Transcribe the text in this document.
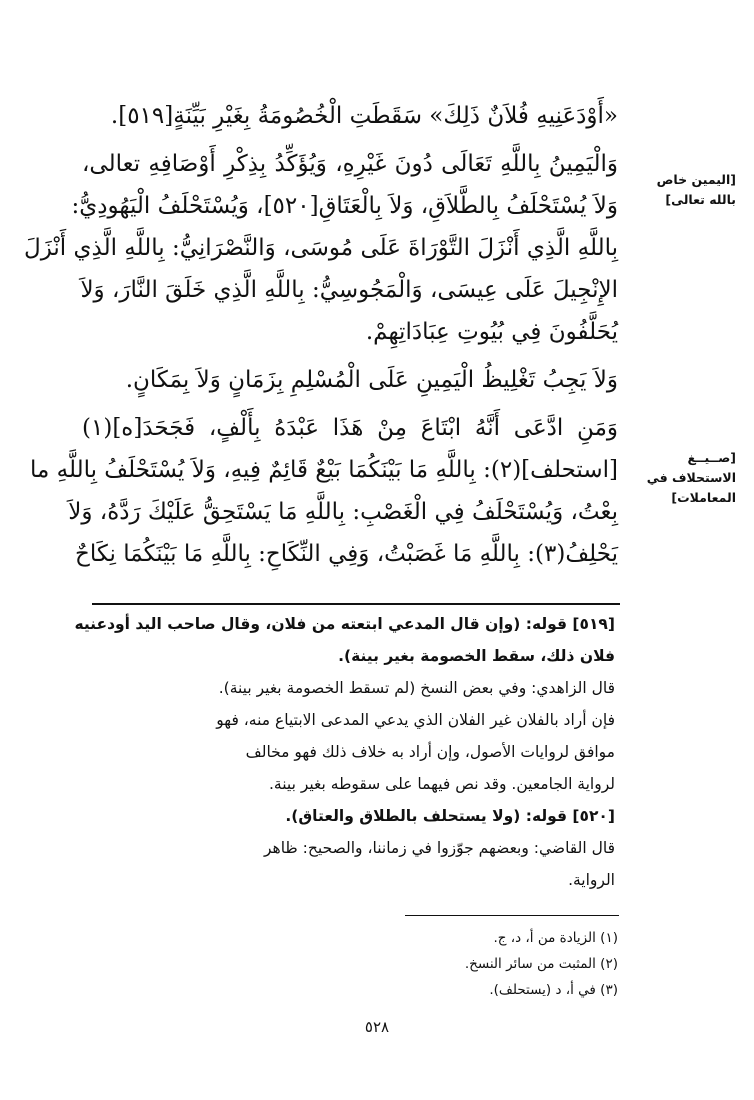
«أَوْدَعَنِيهِ فُلاَنٌ ذَلِكَ» سَقَطَتِ الْخُصُومَةُ بِغَيْرِ بَيِّنَةٍ[٥١٩].
وَالْيَمِينُ بِاللَّهِ تَعَالَى دُونَ غَيْرِهِ، وَيُؤَكِّدُ بِذِكْرِ أَوْصَافِهِ تعالى،
وَلاَ يُسْتَحْلَفُ بِالطَّلاَقِ، وَلاَ بِالْعَتَاقِ[٥٢٠]، وَيُسْتَحْلَفُ الْيَهُودِيُّ:
بِاللَّهِ الَّذِي أَنْزَلَ التَّوْرَاةَ عَلَى مُوسَى، وَالنَّصْرَانِيُّ: بِاللَّهِ الَّذِي أَنْزَلَ
الإِنْجِيلَ عَلَى عِيسَى، وَالْمَجُوسِيُّ: بِاللَّهِ الَّذِي خَلَقَ النَّارَ، وَلاَ
يُحَلَّفُونَ فِي بُيُوتِ عِبَادَاتِهِمْ.
وَلاَ يَجِبُ تَغْلِيظُ الْيَمِينِ عَلَى الْمُسْلِمِ بِزَمَانٍ وَلاَ بِمَكَانٍ.
وَمَنِ ادَّعَى أَنَّهُ ابْتَاعَ مِنْ هَذَا عَبْدَهُ بِأَلْفٍ، فَجَحَدَ[ه](١)
[استحلف](٢): بِاللَّهِ مَا بَيْنَكُمَا بَيْعٌ قَائِمٌ فِيهِ، وَلاَ يُسْتَحْلَفُ بِاللَّهِ ما
بِعْتُ، وَيُسْتَحْلَفُ فِي الْغَصْبِ: بِاللَّهِ مَا يَسْتَحِقُّ عَلَيْكَ رَدَّهُ، وَلاَ
يَحْلِفُ(٣): بِاللَّهِ مَا غَصَبْتُ، وَفِي النِّكَاحِ: بِاللَّهِ مَا بَيْنَكُمَا نِكَاحٌ
[اليمين خاص بالله تعالى]
[صــيــغ الاستحلاف في المعاملات]
[٥١٩] قوله: (وإن قال المدعي ابتعته من فلان، وقال صاحب اليد أودعنيه
فلان ذلك، سقط الخصومة بغير بينة).
قال الزاهدي: وفي بعض النسخ (لم تسقط الخصومة بغير بينة).
فإن أراد بالفلان غير الفلان الذي يدعي المدعى الابتياع منه، فهو
موافق لروايات الأصول، وإن أراد به خلاف ذلك فهو مخالف
لرواية الجامعين. وقد نص فيهما على سقوطه بغير بينة.
[٥٢٠] قوله: (ولا يستحلف بالطلاق والعتاق).
قال القاضي: وبعضهم جوّزوا في زماننا، والصحيح: ظاهر
الرواية.
(١) الزيادة من أ، د، ج.
(٢) المثبت من سائر النسخ.
(٣) في أ، د (يستحلف).
٥٢٨
